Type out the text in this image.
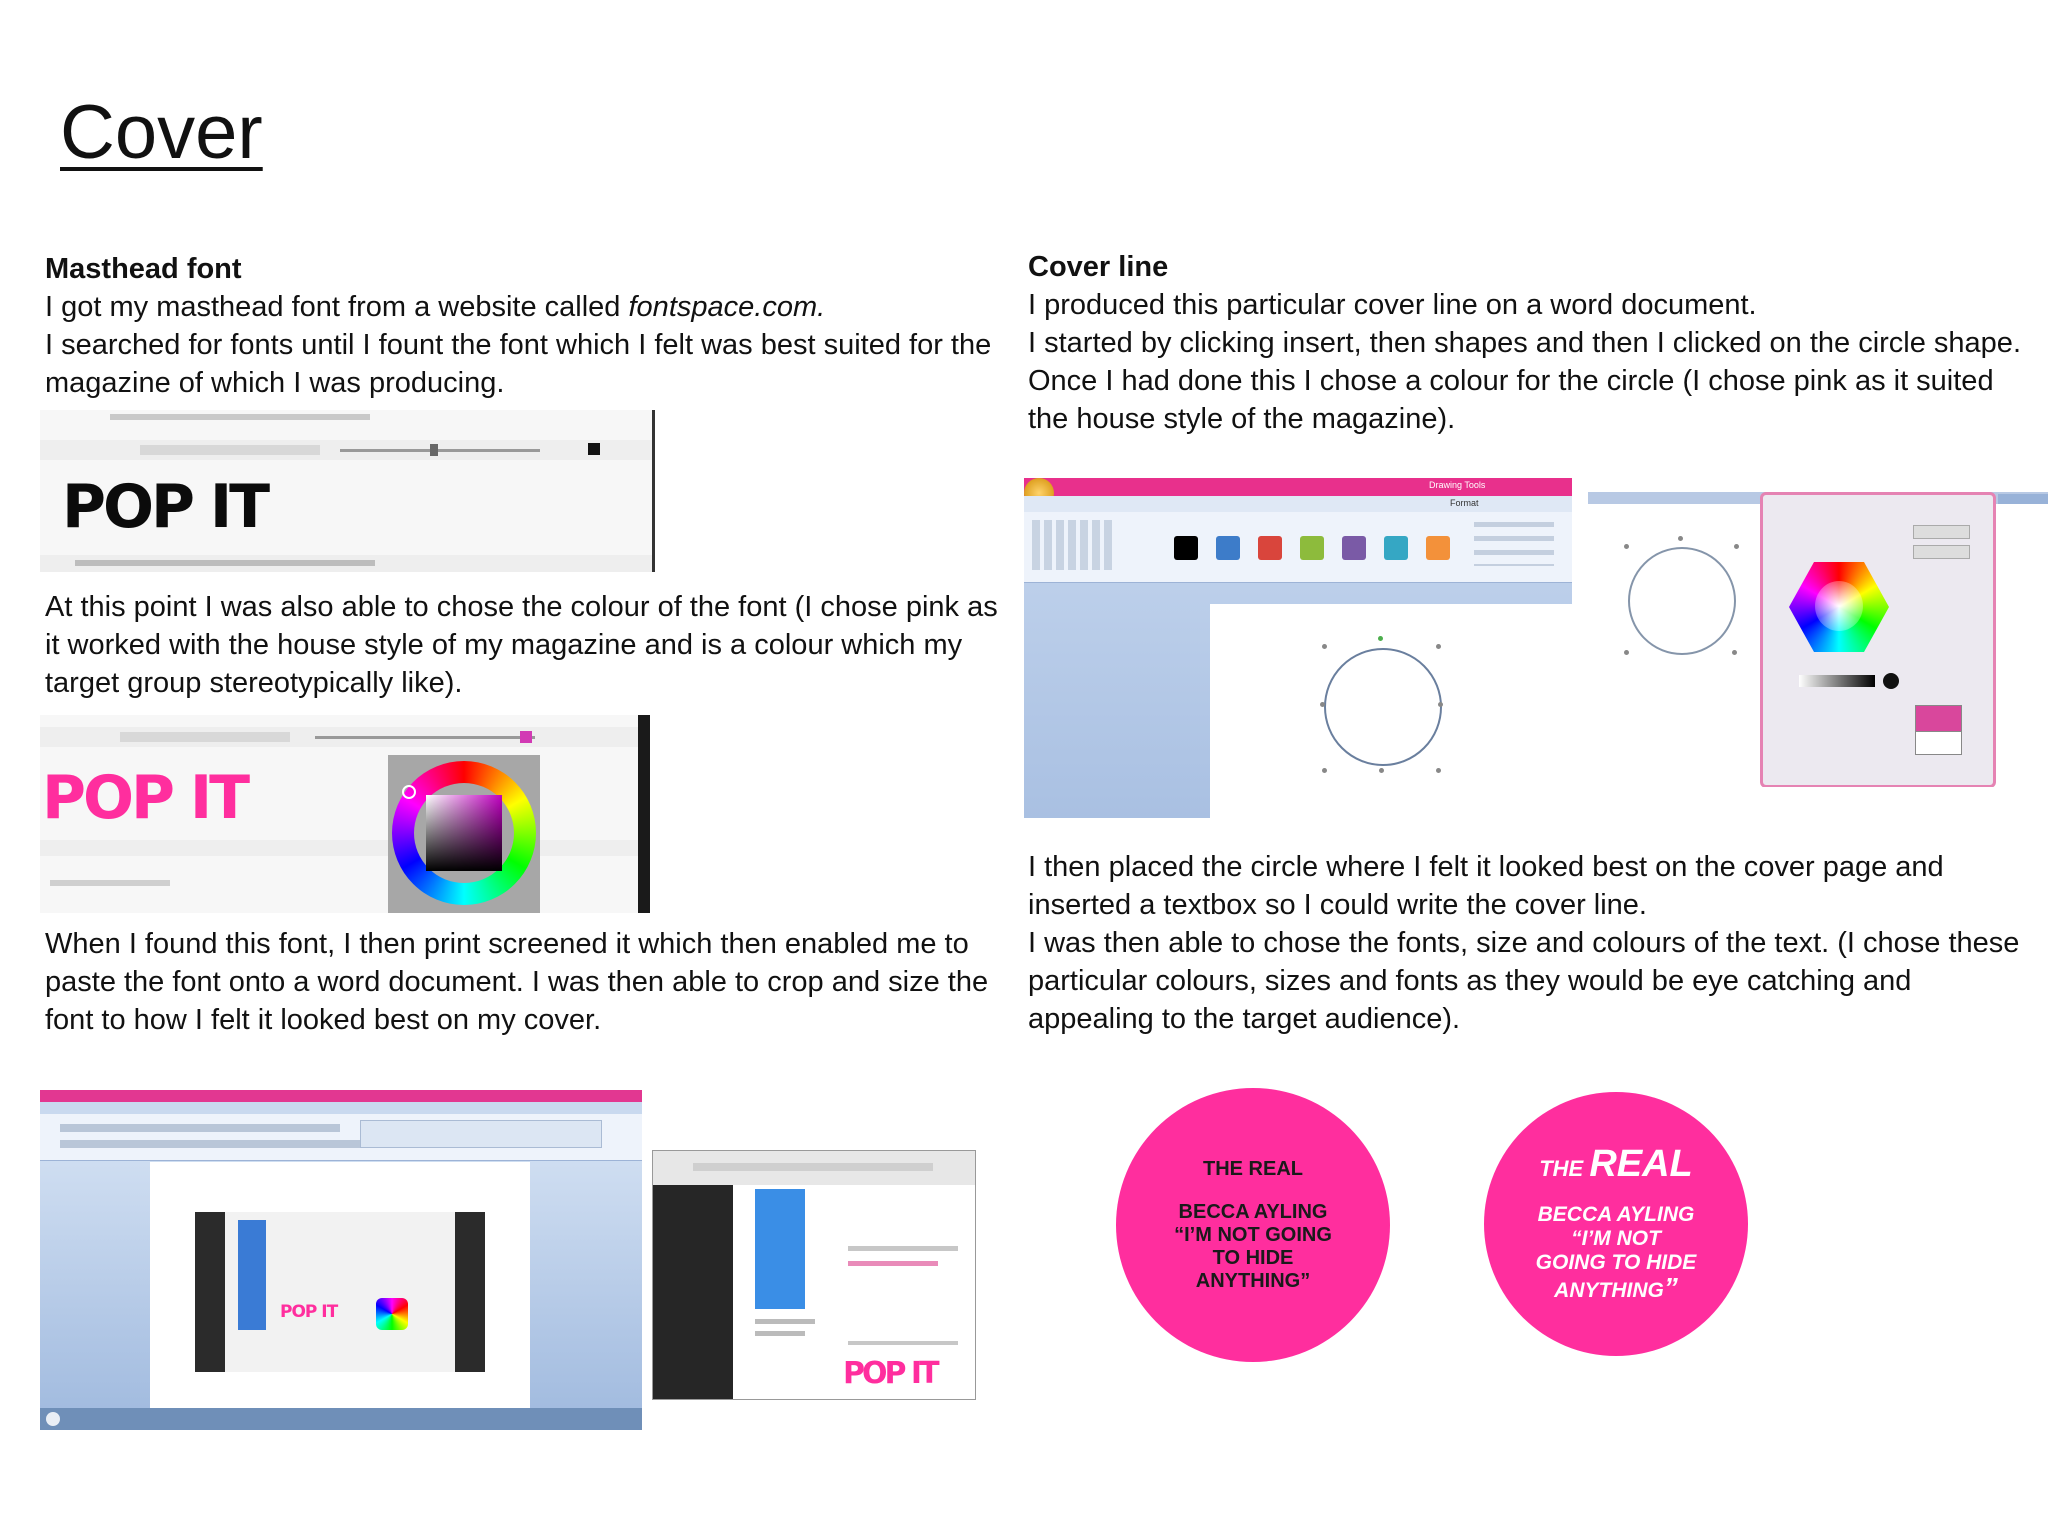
Cover
Masthead font
I got my masthead font from a website called fontspace.com.
I searched for fonts until I fount the font which I felt was best suited for the magazine of which I was producing.
POP IT
At this point I was also able to chose the colour of the font (I chose pink as it worked with the house style of my magazine and is a colour which my target group stereotypically like).
POP IT
When I found this font, I then print screened it which then enabled me to paste the font onto a word document. I was then able to crop and size the font to how I felt it looked best on my cover.
POP IT
POP IT
Cover line
I produced this particular cover line on a word document.
I started by clicking insert, then shapes and then I clicked on the circle shape.
Once I had done this I chose a colour for the circle (I chose pink as it suited the house style of the magazine).
Drawing Tools
Format
I then placed the circle where I felt it looked best on the cover page and inserted a textbox so I could write the cover line.
I was then able to chose the fonts, size and colours of the text. (I chose these particular colours, sizes and fonts as they would be eye catching and appealing to the target audience).
THE REAL
BECCA AYLING
“I’M NOT GOING
TO HIDE
ANYTHING”
THE REAL
BECCA AYLING
“I’M NOT
GOING TO HIDE
ANYTHING”
